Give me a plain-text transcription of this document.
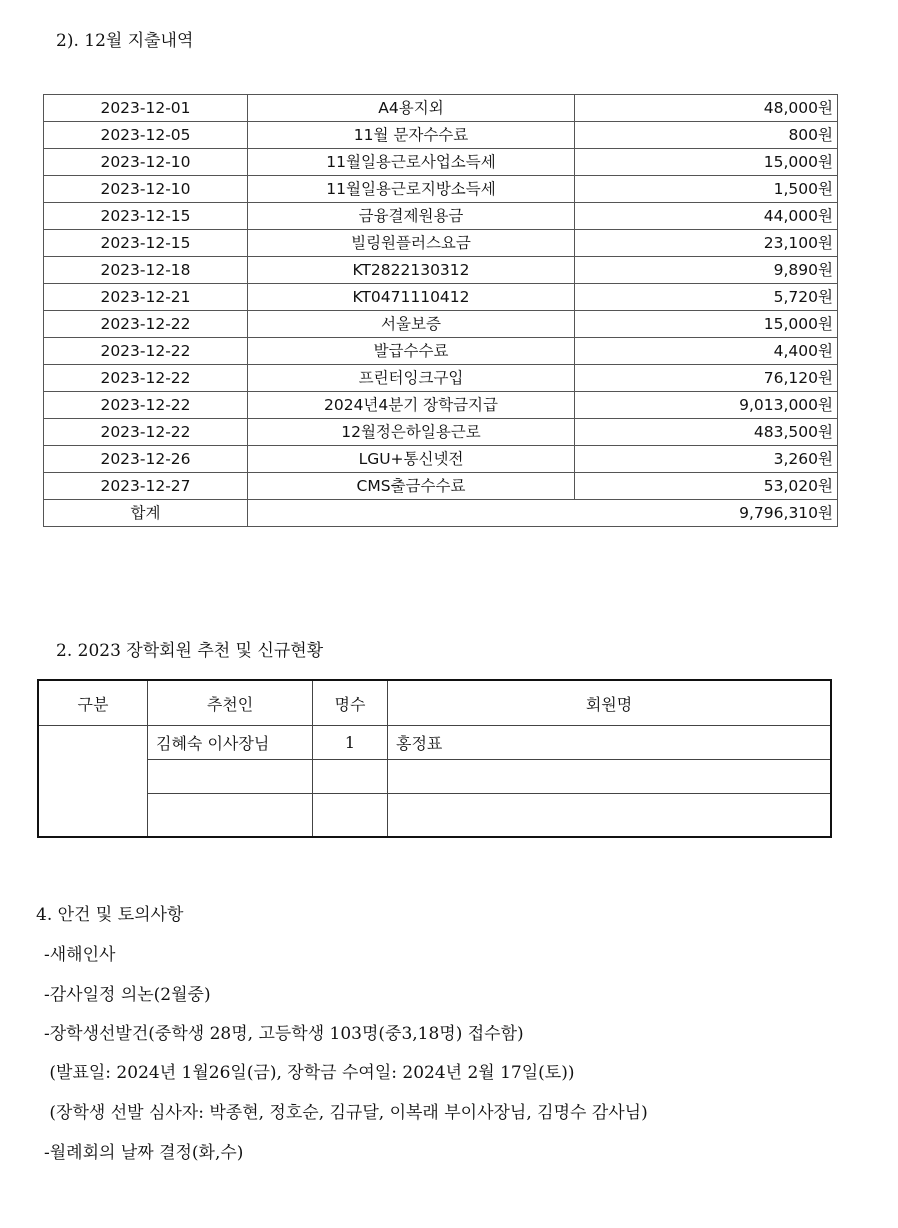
2). 12월 지출내역
2023-12-01	A4용지외	48,000원
2023-12-05	11월 문자수수료	800원
2023-12-10	11월일용근로사업소득세	15,000원
2023-12-10	11월일용근로지방소득세	1,500원
2023-12-15	금융결제원용금	44,000원
2023-12-15	빌링원플러스요금	23,100원
2023-12-18	KT2822130312	9,890원
2023-12-21	KT0471110412	5,720원
2023-12-22	서울보증	15,000원
2023-12-22	발급수수료	4,400원
2023-12-22	프린터잉크구입	76,120원
2023-12-22	2024년4분기 장학금지급	9,013,000원
2023-12-22	12월정은하일용근로	483,500원
2023-12-26	LGU+통신넷전	3,260원
2023-12-27	CMS출금수수료	53,020원
합계	9,796,310원	
2. 2023 장학회원 추천 및 신규현황
구분	추천인	명수	회원명
	김혜숙 이사장님	1	홍정표

4. 안건 및 토의사항
-새해인사
-감사일정 의논(2월중)
-장학생선발건(중학생 28명, 고등학생 103명(중3,18명) 접수함)
(발표일: 2024년 1월26일(금), 장학금 수여일: 2024년 2월 17일(토))
(장학생 선발 심사자: 박종현, 정호순, 김규달, 이복래 부이사장님, 김명수 감사님)
-월례회의 날짜 결정(화,수)
